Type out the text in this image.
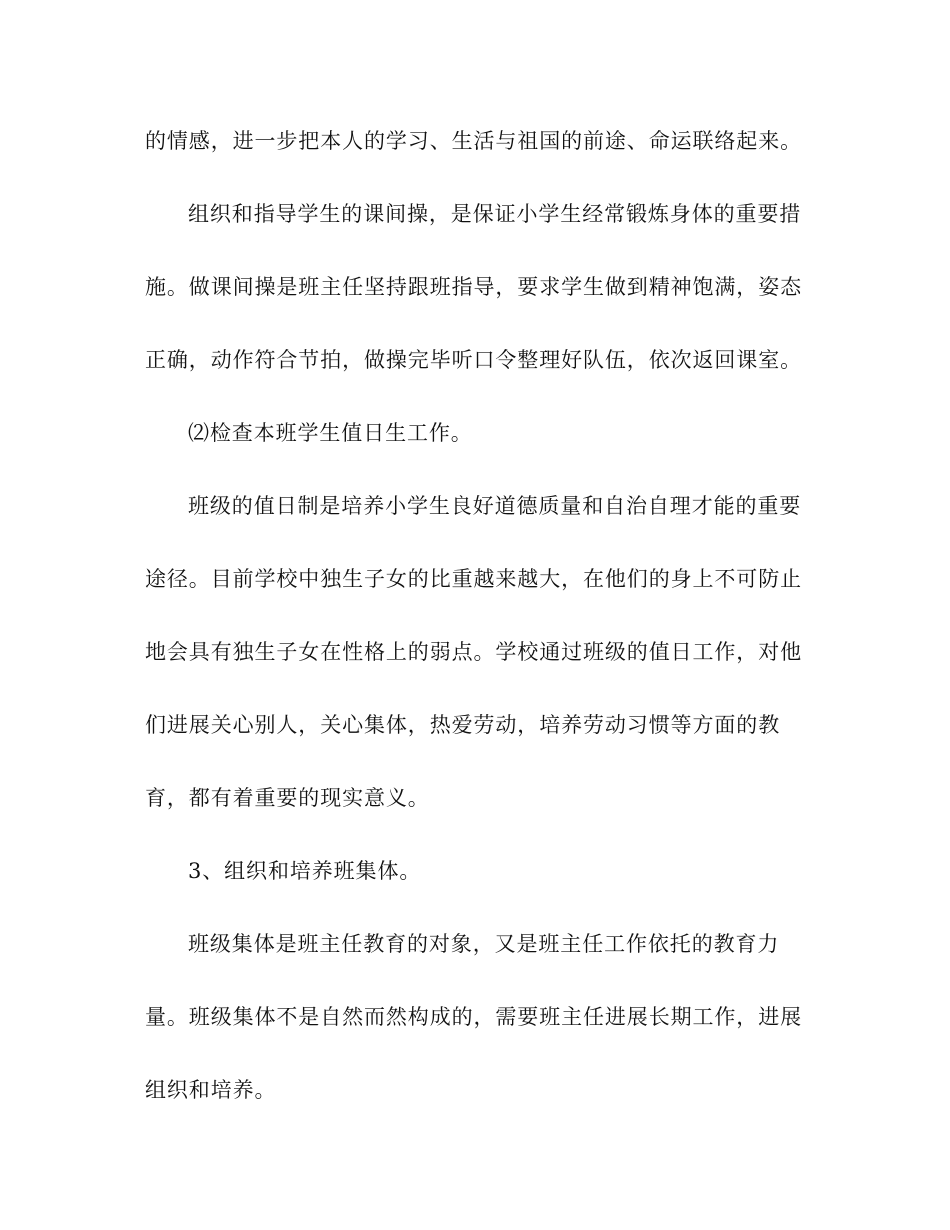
的情感，进一步把本人的学习、生活与祖国的前途、命运联络起来。
组织和指导学生的课间操，是保证小学生经常锻炼身体的重要措
施。做课间操是班主任坚持跟班指导，要求学生做到精神饱满，姿态
正确，动作符合节拍，做操完毕听口令整理好队伍，依次返回课室。
⑵检查本班学生值日生工作。
班级的值日制是培养小学生良好道德质量和自治自理才能的重要
途径。目前学校中独生子女的比重越来越大，在他们的身上不可防止
地会具有独生子女在性格上的弱点。学校通过班级的值日工作，对他
们进展关心别人，关心集体，热爱劳动，培养劳动习惯等方面的教
育，都有着重要的现实意义。
3、组织和培养班集体。
班级集体是班主任教育的对象，又是班主任工作依托的教育力
量。班级集体不是自然而然构成的，需要班主任进展长期工作，进展
组织和培养。
